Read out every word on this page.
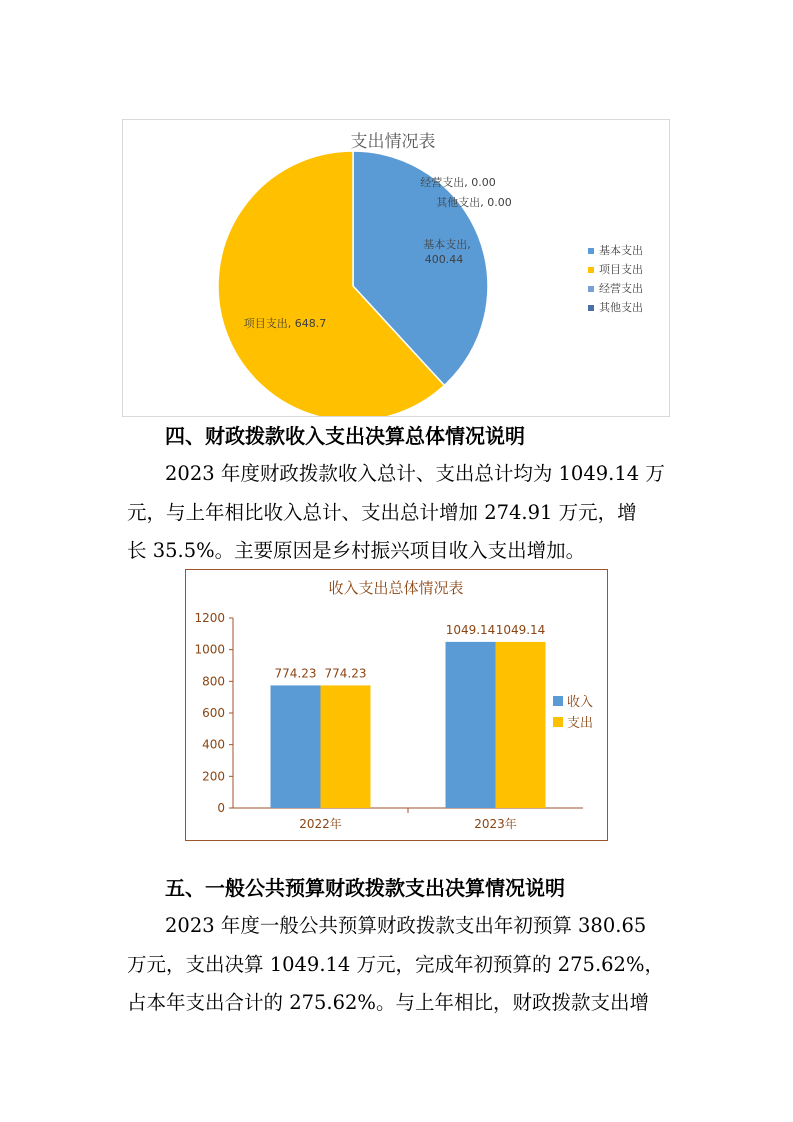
支出情况表
基本支出,
400.44
项目支出, 648.7
经营支出, 0.00
其他支出, 0.00
基本支出
项目支出
经营支出
其他支出
四、财政拨款收入支出决算总体情况说明
2023 年度财政拨款收入总计、支出总计均为 1049.14 万
元，与上年相比收入总计、支出总计增加 274.91 万元，增
长 35.5%。主要原因是乡村振兴项目收入支出增加。
收入支出总体情况表
0
200
400
600
800
1000
1200
2022年	2023年
774.23 774.23
1049.14 1049.14
收入
支出
五、一般公共预算财政拨款支出决算情况说明
2023 年度一般公共预算财政拨款支出年初预算 380.65
万元，支出决算 1049.14 万元，完成年初预算的 275.62%，
占本年支出合计的 275.62%。与上年相比，财政拨款支出增
